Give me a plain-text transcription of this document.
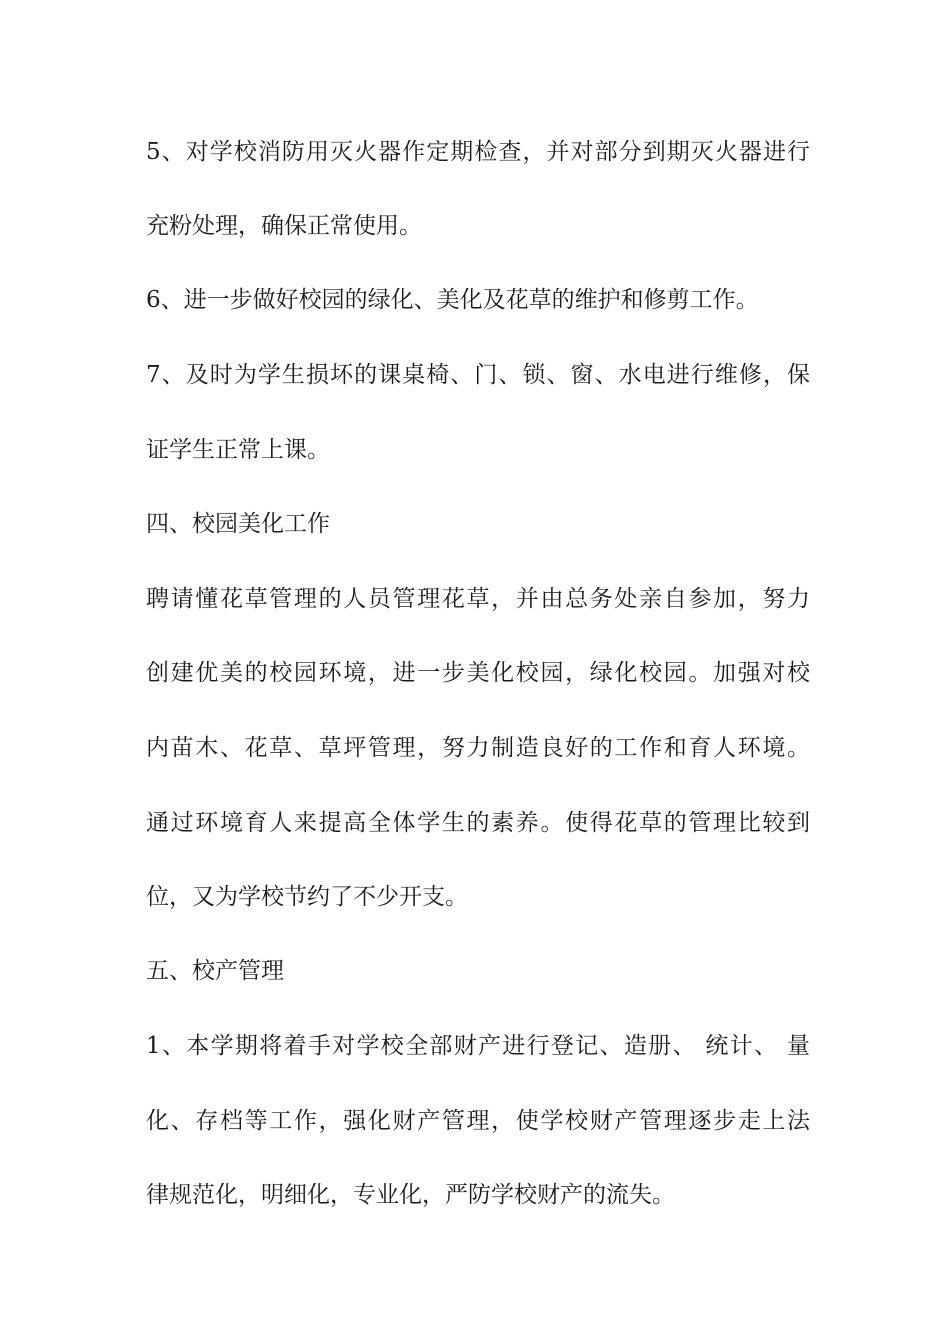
5、对学校消防用灭火器作定期检查，并对部分到期灭火器进行
充粉处理，确保正常使用。
6、进一步做好校园的绿化、美化及花草的维护和修剪工作。
7、及时为学生损坏的课桌椅、门、锁、窗、水电进行维修，保
证学生正常上课。
四、校园美化工作
聘请懂花草管理的人员管理花草，并由总务处亲自参加，努力
创建优美的校园环境，进一步美化校园，绿化校园。加强对校
内苗木、花草、草坪管理，努力制造良好的工作和育人环境。
通过环境育人来提高全体学生的素养。使得花草的管理比较到
位，又为学校节约了不少开支。
五、校产管理
1、本学期将着手对学校全部财产进行登记、造册、 统计、 量
化、存档等工作，强化财产管理，使学校财产管理逐步走上法
律规范化，明细化，专业化，严防学校财产的流失。
